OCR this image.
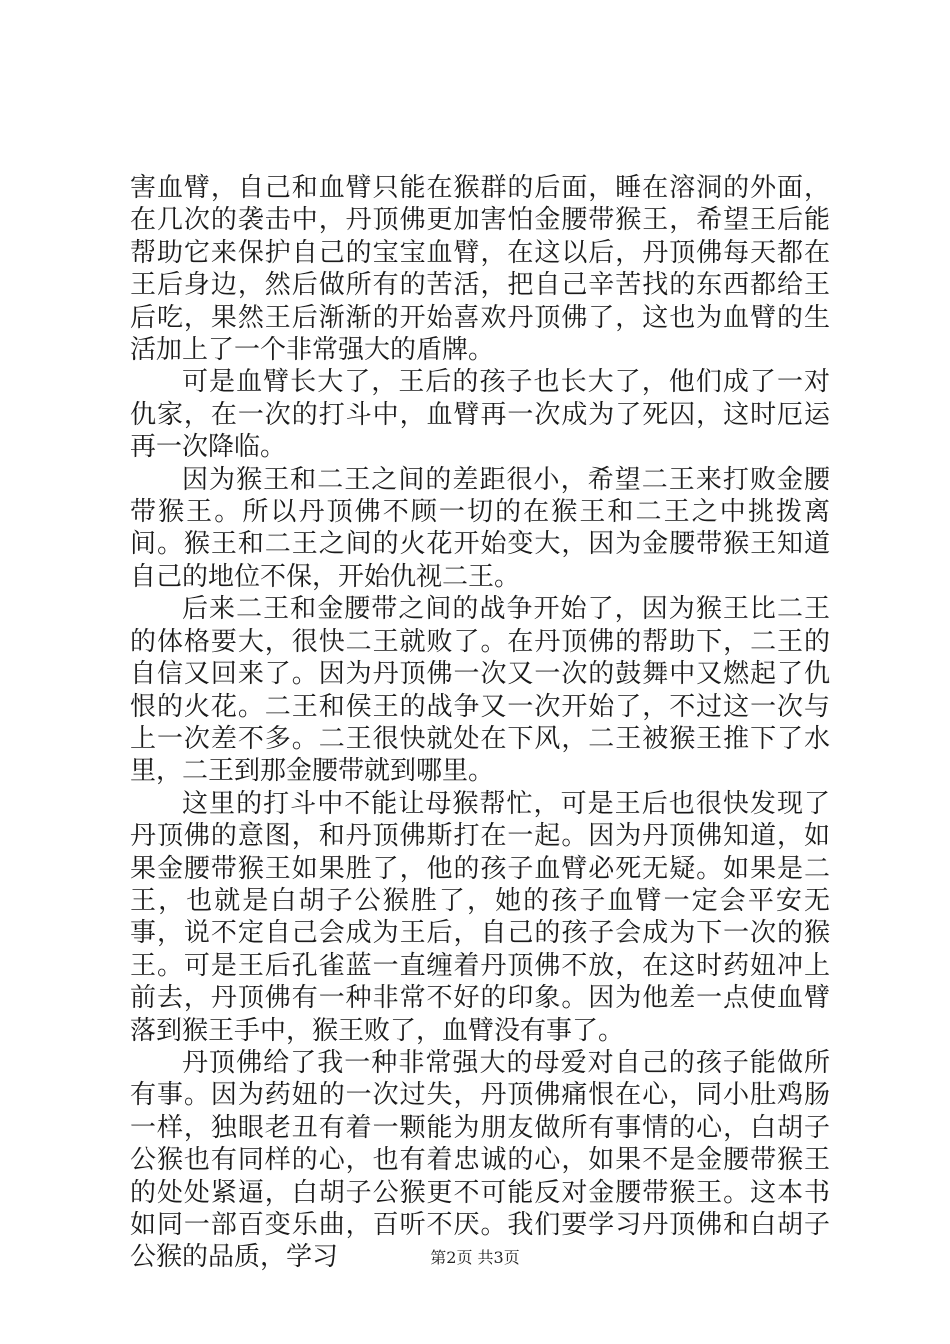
害血臂，自己和血臂只能在猴群的后面，睡在溶洞的外面，在几次的袭击中，丹顶佛更加害怕金腰带猴王，希望王后能帮助它来保护自己的宝宝血臂，在这以后，丹顶佛每天都在王后身边，然后做所有的苦活，把自己辛苦找的东西都给王后吃，果然王后渐渐的开始喜欢丹顶佛了，这也为血臂的生活加上了一个非常强大的盾牌。

可是血臂长大了，王后的孩子也长大了，他们成了一对仇家，在一次的打斗中，血臂再一次成为了死囚，这时厄运再一次降临。

因为猴王和二王之间的差距很小，希望二王来打败金腰带猴王。所以丹顶佛不顾一切的在猴王和二王之中挑拨离间。猴王和二王之间的火花开始变大，因为金腰带猴王知道自己的地位不保，开始仇视二王。

后来二王和金腰带之间的战争开始了，因为猴王比二王的体格要大，很快二王就败了。在丹顶佛的帮助下，二王的自信又回来了。因为丹顶佛一次又一次的鼓舞中又燃起了仇恨的火花。二王和侯王的战争又一次开始了，不过这一次与上一次差不多。二王很快就处在下风，二王被猴王推下了水里，二王到那金腰带就到哪里。

这里的打斗中不能让母猴帮忙，可是王后也很快发现了丹顶佛的意图，和丹顶佛斯打在一起。因为丹顶佛知道，如果金腰带猴王如果胜了，他的孩子血臂必死无疑。如果是二王，也就是白胡子公猴胜了，她的孩子血臂一定会平安无事，说不定自己会成为王后，自己的孩子会成为下一次的猴王。可是王后孔雀蓝一直缠着丹顶佛不放，在这时药妞冲上前去，丹顶佛有一种非常不好的印象。因为他差一点使血臂落到猴王手中，猴王败了，血臂没有事了。

丹顶佛给了我一种非常强大的母爱对自己的孩子能做所有事。因为药妞的一次过失，丹顶佛痛恨在心，同小肚鸡肠一样，独眼老丑有着一颗能为朋友做所有事情的心，白胡子公猴也有同样的心，也有着忠诚的心，如果不是金腰带猴王的处处紧逼，白胡子公猴更不可能反对金腰带猴王。这本书如同一部百变乐曲，百听不厌。我们要学习丹顶佛和白胡子公猴的品质，学习	第2页 共3页
